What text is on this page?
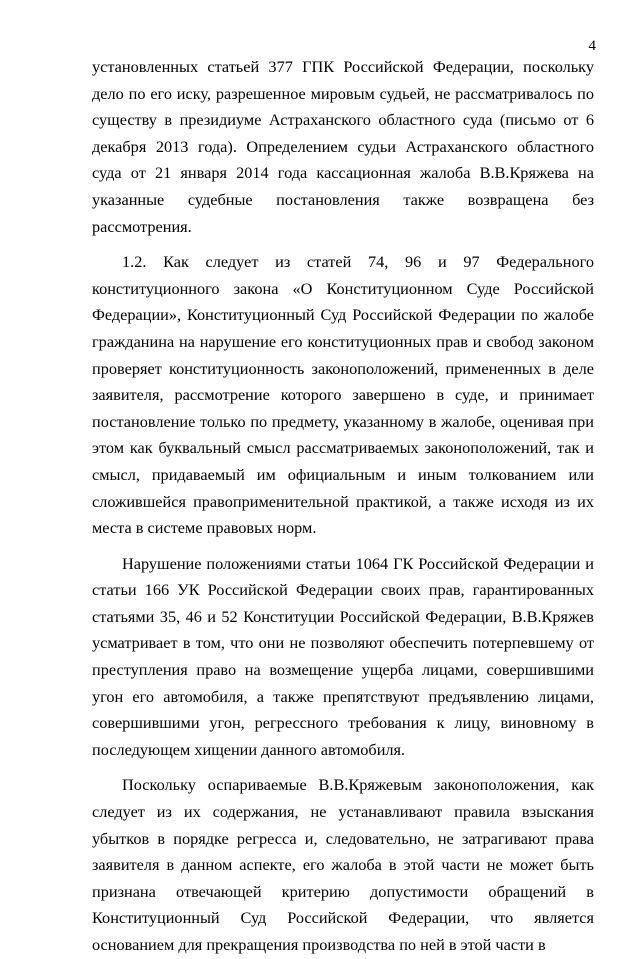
4

установленных статьей 377 ГПК Российской Федерации, поскольку дело по его иску, разрешенное мировым судьей, не рассматривалось по существу в президиуме Астраханского областного суда (письмо от 6 декабря 2013 года). Определением судьи Астраханского областного суда от 21 января 2014 года кассационная жалоба В.В.Кряжева на указанные судебные постановления также возвращена без рассмотрения.

1.2. Как следует из статей 74, 96 и 97 Федерального конституционного закона «О Конституционном Суде Российской Федерации», Конституционный Суд Российской Федерации по жалобе гражданина на нарушение его конституционных прав и свобод законом проверяет конституционность законоположений, примененных в деле заявителя, рассмотрение которого завершено в суде, и принимает постановление только по предмету, указанному в жалобе, оценивая при этом как буквальный смысл рассматриваемых законоположений, так и смысл, придаваемый им официальным и иным толкованием или сложившейся правоприменительной практикой, а также исходя из их места в системе правовых норм.

Нарушение положениями статьи 1064 ГК Российской Федерации и статьи 166 УК Российской Федерации своих прав, гарантированных статьями 35, 46 и 52 Конституции Российской Федерации, В.В.Кряжев усматривает в том, что они не позволяют обеспечить потерпевшему от преступления право на возмещение ущерба лицами, совершившими угон его автомобиля, а также препятствуют предъявлению лицами, совершившими угон, регрессного требования к лицу, виновному в последующем хищении данного автомобиля.

Поскольку оспариваемые В.В.Кряжевым законоположения, как следует из их содержания, не устанавливают правила взыскания убытков в порядке регресса и, следовательно, не затрагивают права заявителя в данном аспекте, его жалоба в этой части не может быть признана отвечающей критерию допустимости обращений в Конституционный Суд Российской Федерации, что является основанием для прекращения производства по ней в этой части в
